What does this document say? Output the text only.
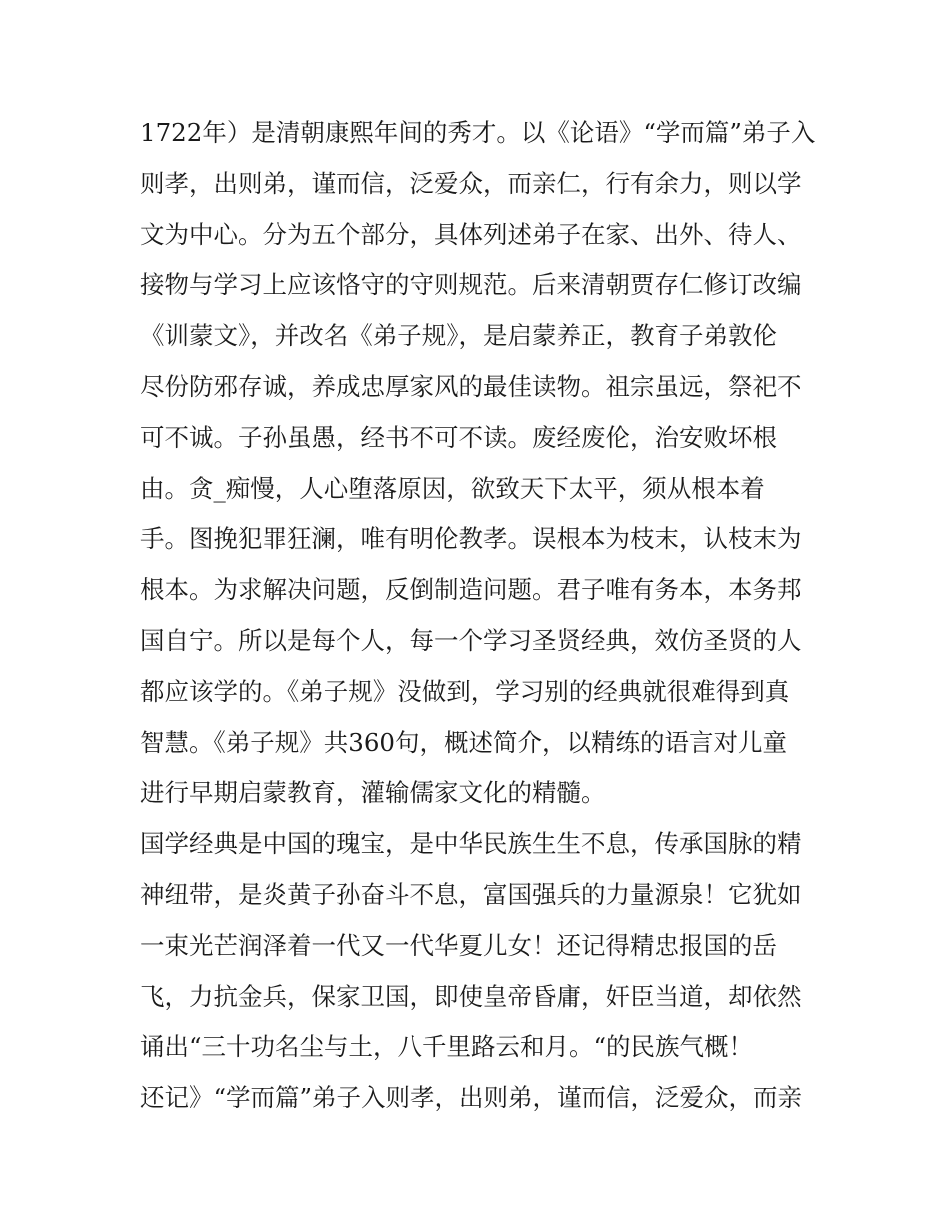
1722年）是清朝康熙年间的秀才。以《论语》“学而篇”弟子入
则孝，出则弟，谨而信，泛爱众，而亲仁，行有余力，则以学
文为中心。分为五个部分，具体列述弟子在家、出外、待人、
接物与学习上应该恪守的守则规范。后来清朝贾存仁修订改编
《训蒙文》，并改名《弟子规》，是启蒙养正，教育子弟敦伦
尽份防邪存诚，养成忠厚家风的最佳读物。祖宗虽远，祭祀不
可不诚。子孙虽愚，经书不可不读。废经废伦，治安败坏根
由。贪_痴慢，人心堕落原因，欲致天下太平，须从根本着
手。图挽犯罪狂澜，唯有明伦教孝。误根本为枝末，认枝末为
根本。为求解决问题，反倒制造问题。君子唯有务本，本务邦
国自宁。所以是每个人，每一个学习圣贤经典，效仿圣贤的人
都应该学的。《弟子规》没做到，学习别的经典就很难得到真
智慧。《弟子规》共360句，概述简介，以精练的语言对儿童
进行早期启蒙教育，灌输儒家文化的精髓。
国学经典是中国的瑰宝，是中华民族生生不息，传承国脉的精
神纽带，是炎黄子孙奋斗不息，富国强兵的力量源泉！它犹如
一束光芒润泽着一代又一代华夏儿女！还记得精忠报国的岳
飞，力抗金兵，保家卫国，即使皇帝昏庸，奸臣当道，却依然
诵出“三十功名尘与土，八千里路云和月。“的民族气概！
还记》“学而篇”弟子入则孝，出则弟，谨而信，泛爱众，而亲
